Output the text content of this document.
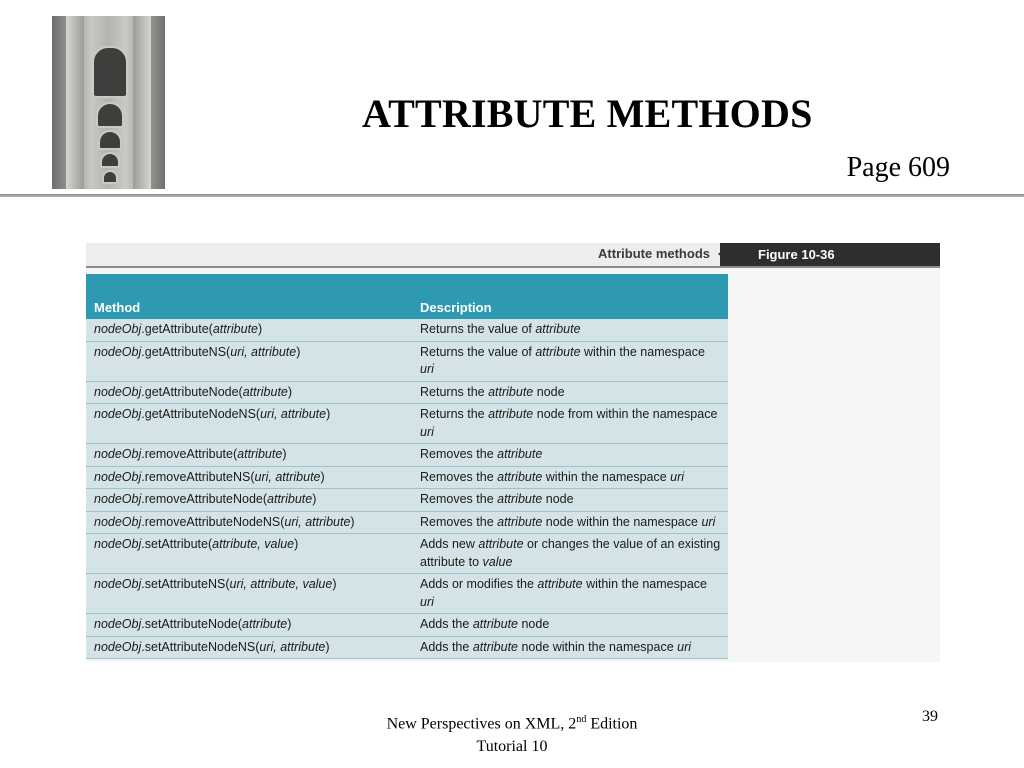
ATTRIBUTE METHODS
Page 609
Attribute methods	Figure 10-36
Method	Description
nodeObj.getAttribute(attribute)	Returns the value of attribute
nodeObj.getAttributeNS(uri, attribute)	Returns the value of attribute within the namespace uri
nodeObj.getAttributeNode(attribute)	Returns the attribute node
nodeObj.getAttributeNodeNS(uri, attribute)	Returns the attribute node from within the namespace uri
nodeObj.removeAttribute(attribute)	Removes the attribute
nodeObj.removeAttributeNS(uri, attribute)	Removes the attribute within the namespace uri
nodeObj.removeAttributeNode(attribute)	Removes the attribute node
nodeObj.removeAttributeNodeNS(uri, attribute)	Removes the attribute node within the namespace uri
nodeObj.setAttribute(attribute, value)	Adds new attribute or changes the value of an existing attribute to value
nodeObj.setAttributeNS(uri, attribute, value)	Adds or modifies the attribute within the namespace uri
nodeObj.setAttributeNode(attribute)	Adds the attribute node
nodeObj.setAttributeNodeNS(uri, attribute)	Adds the attribute node within the namespace uri
New Perspectives on XML, 2nd Edition
Tutorial 10
39
